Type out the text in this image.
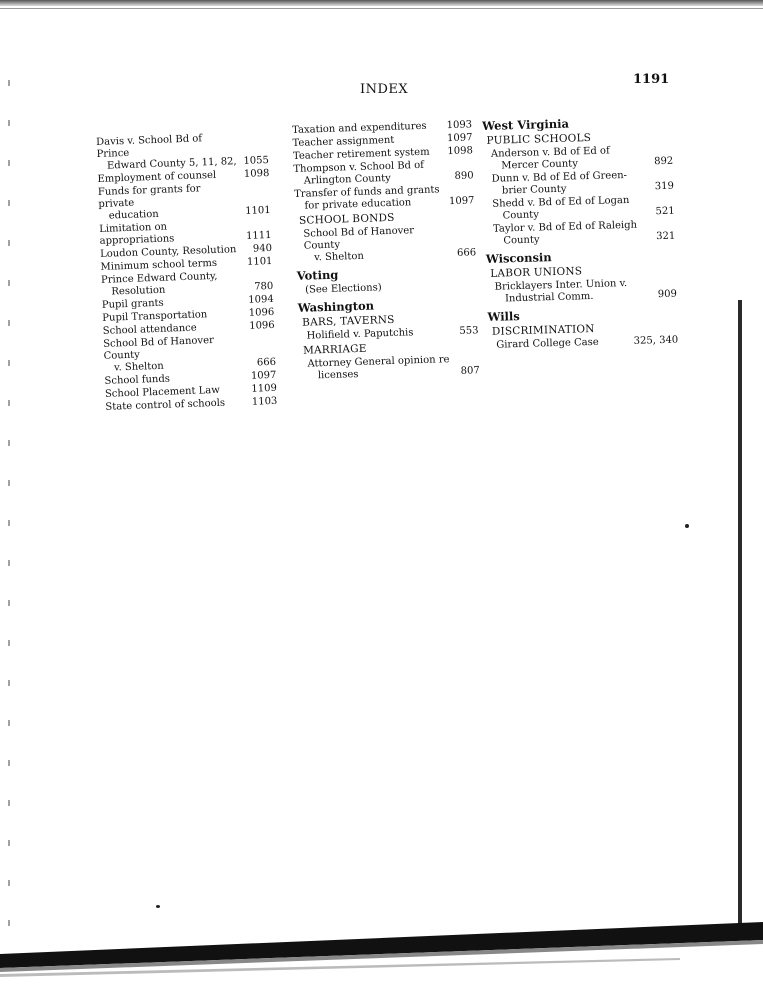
INDEX
1191
Davis v. School Bd of Prince
Edward County 5, 11, 82, 1055
Employment of counsel	1098
Funds for grants for private
education	1101
Limitation on appropriations	1111
Loudon County, Resolution	940
Minimum school terms	1101
Prince Edward County,
Resolution	780
Pupil grants	1094
Pupil Transportation	1096
School attendance	1096
School Bd of Hanover County
v. Shelton	666
School funds	1097
School Placement Law	1109
State control of schools	1103
Taxation and expenditures	1093
Teacher assignment	1097
Teacher retirement system	1098
Thompson v. School Bd of
Arlington County	890
Transfer of funds and grants
for private education	1097
SCHOOL BONDS
School Bd of Hanover County
v. Shelton	666
Voting
(See Elections)
Washington
BARS, TAVERNS
Holifield v. Paputchis	553
MARRIAGE
Attorney General opinion re
licenses	807
West Virginia
PUBLIC SCHOOLS
Anderson v. Bd of Ed of
Mercer County	892
Dunn v. Bd of Ed of Green-
brier County	319
Shedd v. Bd of Ed of Logan
County	521
Taylor v. Bd of Ed of Raleigh
County	321
Wisconsin
LABOR UNIONS
Bricklayers Inter. Union v.
Industrial Comm.	909
Wills
DISCRIMINATION
Girard College Case	325, 340
